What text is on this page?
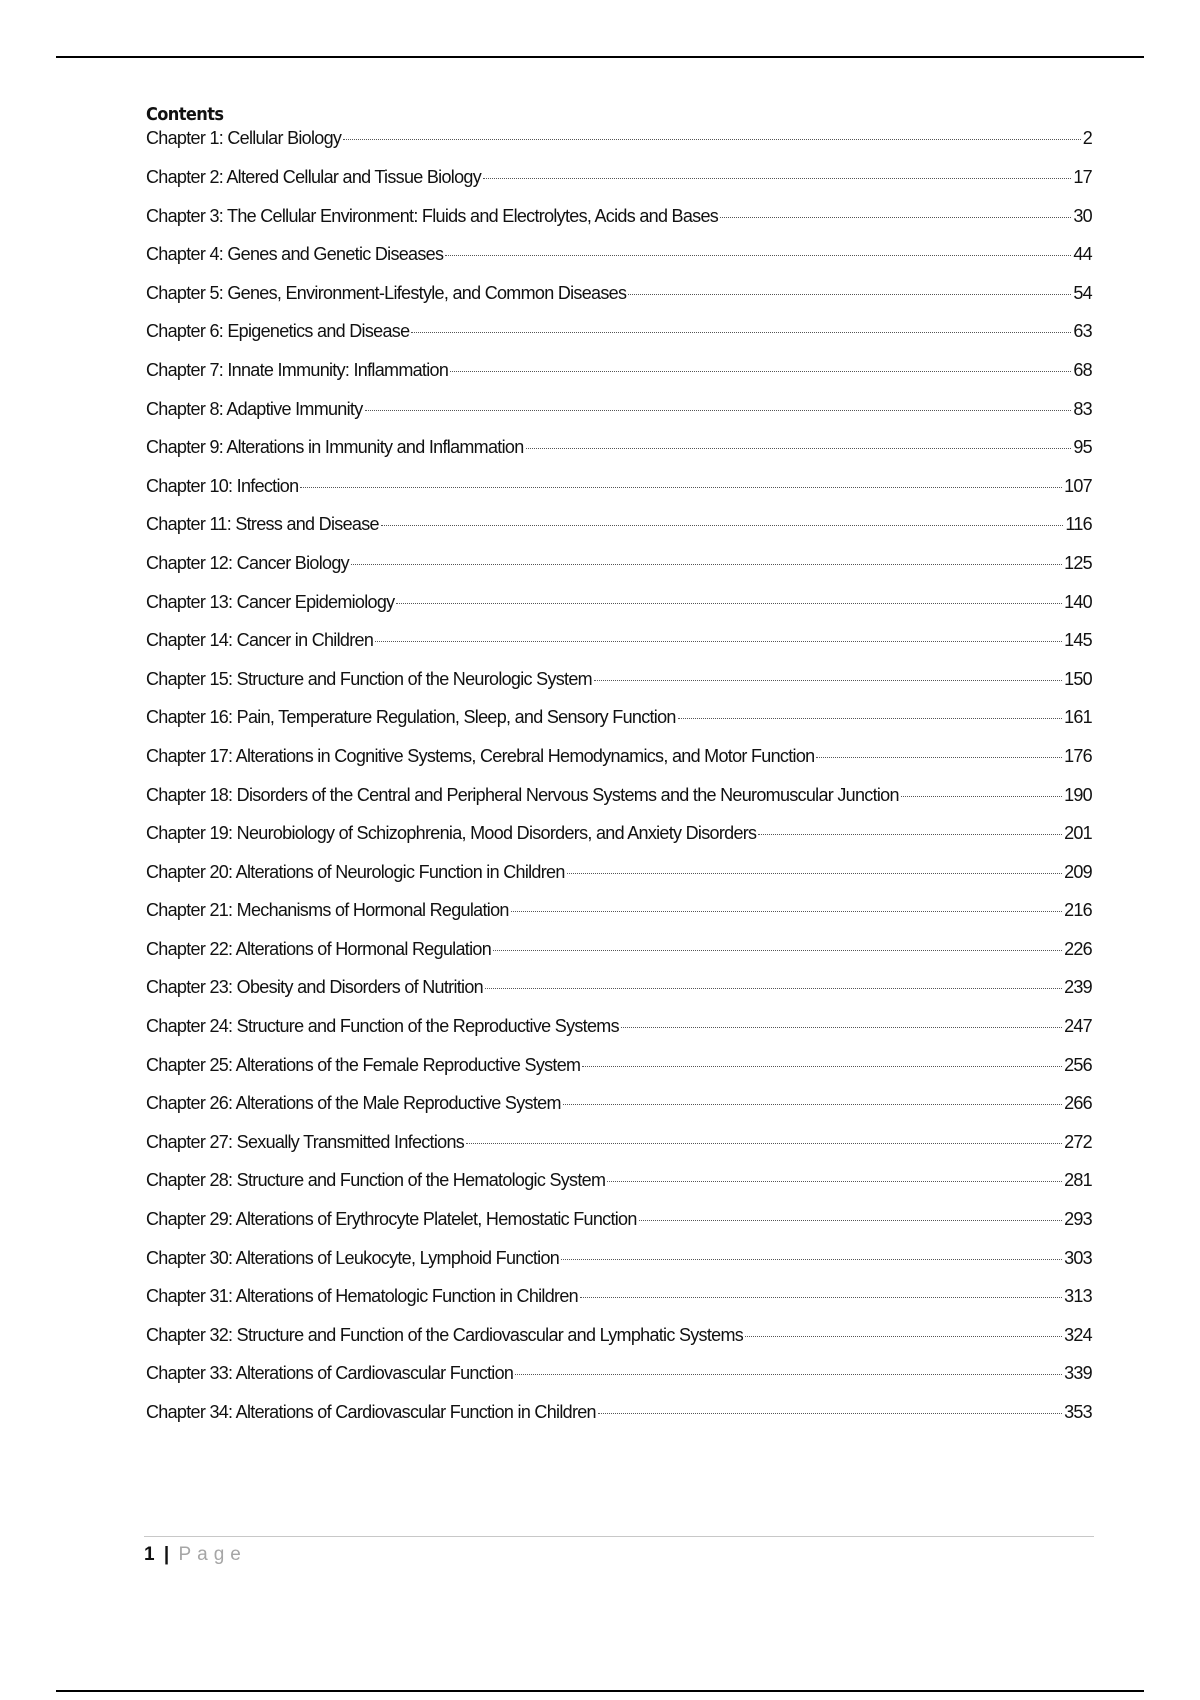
Contents
Chapter 1: Cellular Biology	2
Chapter 2: Altered Cellular and Tissue Biology	17
Chapter 3: The Cellular Environment: Fluids and Electrolytes, Acids and Bases	30
Chapter 4: Genes and Genetic Diseases	44
Chapter 5: Genes, Environment-Lifestyle, and Common Diseases	54
Chapter 6: Epigenetics and Disease	63
Chapter 7: Innate Immunity: Inflammation	68
Chapter 8: Adaptive Immunity	83
Chapter 9: Alterations in Immunity and Inflammation	95
Chapter 10: Infection	107
Chapter 11: Stress and Disease	116
Chapter 12: Cancer Biology	125
Chapter 13: Cancer Epidemiology	140
Chapter 14: Cancer in Children	145
Chapter 15: Structure and Function of the Neurologic System	150
Chapter 16: Pain, Temperature Regulation, Sleep, and Sensory Function	161
Chapter 17: Alterations in Cognitive Systems, Cerebral Hemodynamics, and Motor Function	176
Chapter 18: Disorders of the Central and Peripheral Nervous Systems and the Neuromuscular Junction	190
Chapter 19: Neurobiology of Schizophrenia, Mood Disorders, and Anxiety Disorders	201
Chapter 20: Alterations of Neurologic Function in Children	209
Chapter 21: Mechanisms of Hormonal Regulation	216
Chapter 22: Alterations of Hormonal Regulation	226
Chapter 23: Obesity and Disorders of Nutrition	239
Chapter 24: Structure and Function of the Reproductive Systems	247
Chapter 25: Alterations of the Female Reproductive System	256
Chapter 26: Alterations of the Male Reproductive System	266
Chapter 27: Sexually Transmitted Infections	272
Chapter 28: Structure and Function of the Hematologic System	281
Chapter 29: Alterations of Erythrocyte Platelet, Hemostatic Function	293
Chapter 30: Alterations of Leukocyte, Lymphoid Function	303
Chapter 31: Alterations of Hematologic Function in Children	313
Chapter 32: Structure and Function of the Cardiovascular and Lymphatic Systems	324
Chapter 33: Alterations of Cardiovascular Function	339
Chapter 34: Alterations of Cardiovascular Function in Children	353
1 | Page
